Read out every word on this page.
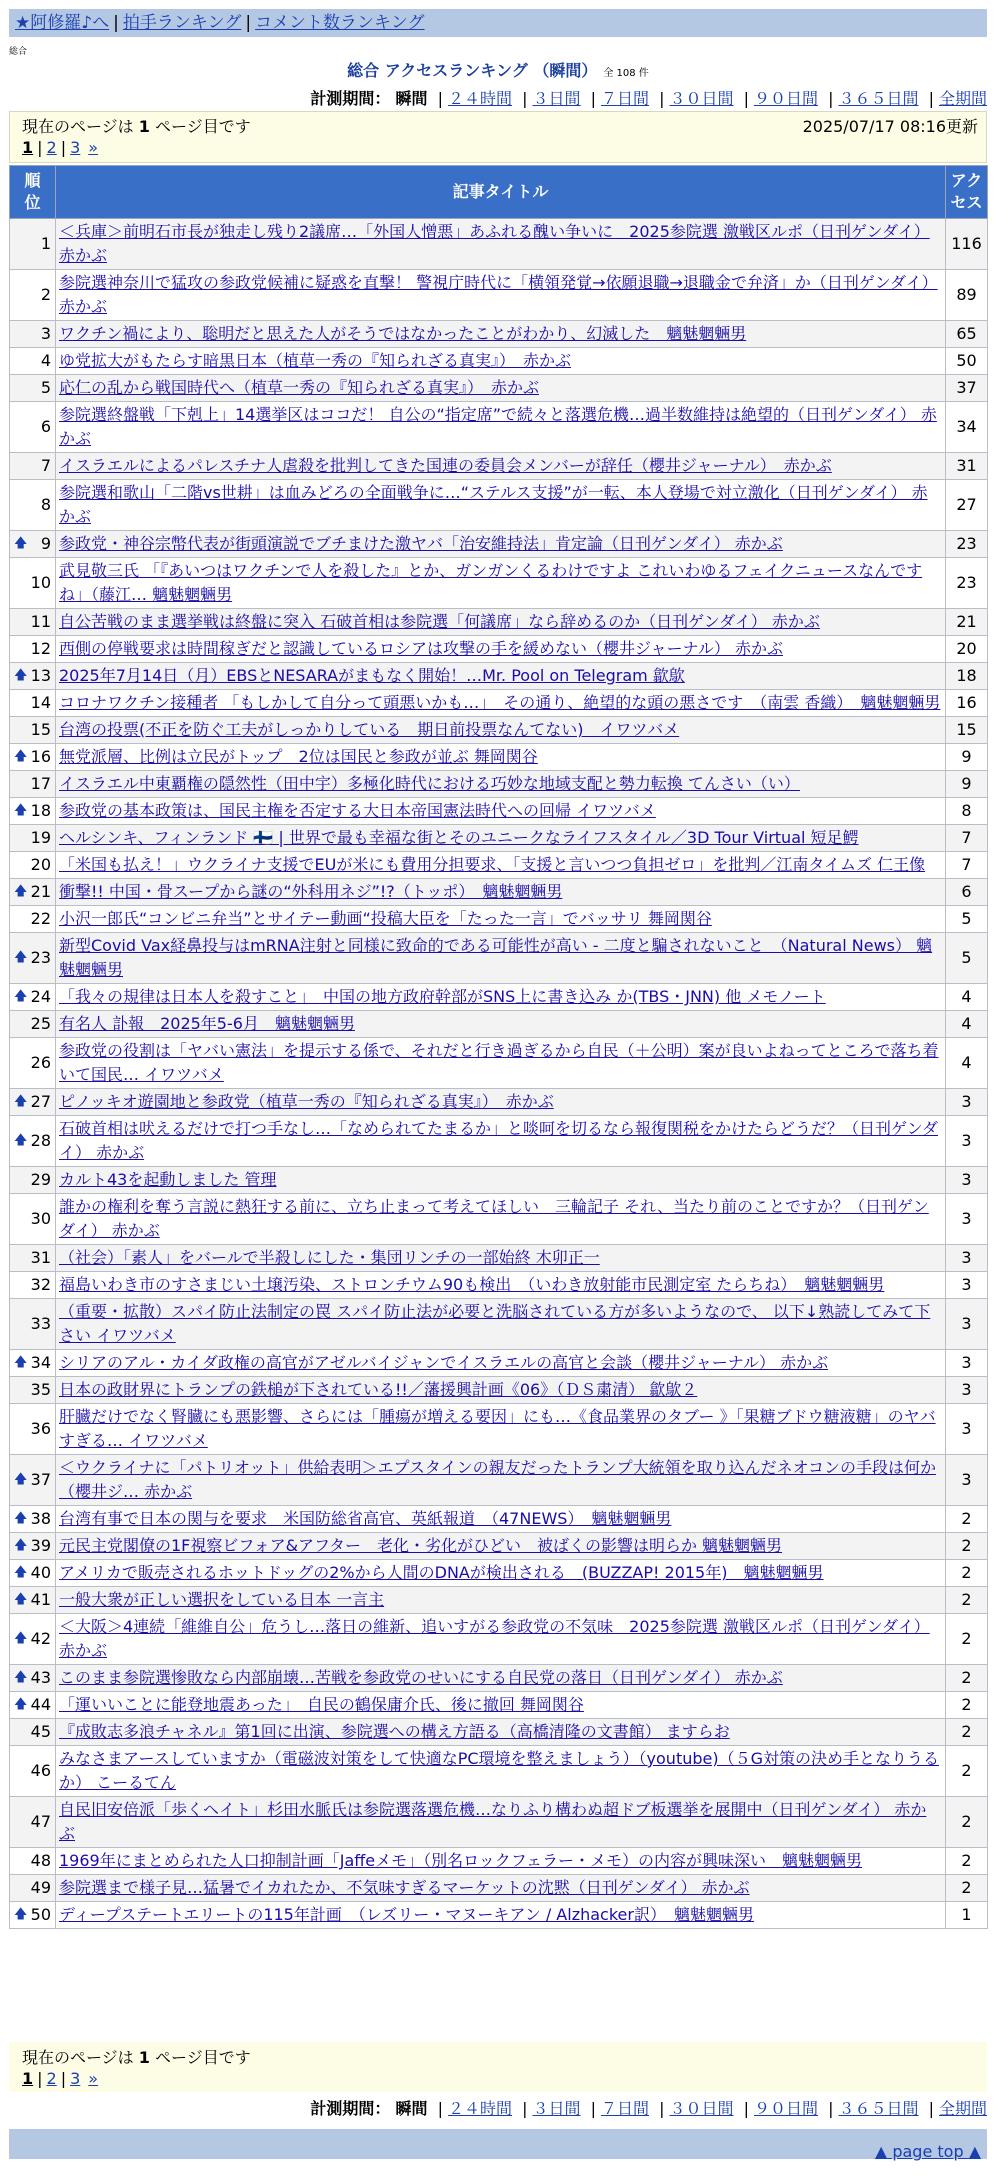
★阿修羅♪へ | 拍手ランキング | コメント数ランキング
総合
総合 アクセスランキング （瞬間） 全 108 件
計測期間： 瞬間 | ２４時間 | ３日間 | ７日間 | ３０日間 | ９０日間 | ３６５日間 | 全期間
現在のページは 1 ページ目です	2025/07/17 08:16更新
1 | 2 | 3 »
順位	記事タイトル	アクセス
1	＜兵庫＞前明石市長が独走し残り2議席…「外国人憎悪」あふれる醜い争いに　2025参院選 激戦区ルポ（日刊ゲンダイ） 赤かぶ	116
2	参院選神奈川で猛攻の参政党候補に疑惑を直撃！ 警視庁時代に「横領発覚→依願退職→退職金で弁済」か（日刊ゲンダイ） 赤かぶ	89
3	ワクチン禍により、聡明だと思えた人がそうではなかったことがわかり、幻滅した　魑魅魍魎男	65
4	ゆ党拡大がもたらす暗黒日本（植草一秀の『知られざる真実』）　赤かぶ	50
5	応仁の乱から戦国時代へ（植草一秀の『知られざる真実』）　赤かぶ	37
6	参院選終盤戦「下剋上」14選挙区はココだ！ 自公の“指定席”で続々と落選危機…過半数維持は絶望的（日刊ゲンダイ） 赤かぶ	34
7	イスラエルによるパレスチナ人虐殺を批判してきた国連の委員会メンバーが辞任（櫻井ジャーナル）　赤かぶ	31
8	参院選和歌山「二階vs世耕」は血みどろの全面戦争に…“ステルス支援”が一転、本人登場で対立激化（日刊ゲンダイ） 赤かぶ	27

🡅 9	参政党・神谷宗幣代表が街頭演説でブチまけた激ヤバ「治安維持法」肯定論（日刊ゲンダイ） 赤かぶ	23
10	武見敬三氏 「『あいつはワクチンで人を殺した』とか、ガンガンくるわけですよ これいわゆるフェイクニュースなんですね」（藤江… 魑魅魍魎男	23
11	自公苦戦のまま選挙戦は終盤に突入 石破首相は参院選「何議席」なら辞めるのか（日刊ゲンダイ） 赤かぶ	21
12	西側の停戦要求は時間稼ぎだと認識しているロシアは攻撃の手を緩めない（櫻井ジャーナル） 赤かぶ	20

🡅 13	2025年7月14日（月）EBSとNESARAがまもなく開始！…Mr. Pool on Telegram 歙歍	18
14	コロナワクチン接種者 「もしかして自分って頭悪いかも…」　その通り、絶望的な頭の悪さです　（南雲 香織）　魑魅魍魎男	16
15	台湾の投票(不正を防ぐ工夫がしっかりしている　期日前投票なんてない)　イワツバメ	15

🡅 16	無党派層、比例は立民がトップ　2位は国民と参政が並ぶ 舞岡関谷	9
17	イスラエル中東覇権の隠然性（田中宇）多極化時代における巧妙な地域支配と勢力転換 てんさい（い）	9

🡅 18	参政党の基本政策は、国民主権を否定する大日本帝国憲法時代への回帰 イワツバメ	8
19	ヘルシンキ、フィンランド 🇫🇮 | 世界で最も幸福な街とそのユニークなライフスタイル／3D Tour Virtual 短足鰐	7
20	「米国も払え！」ウクライナ支援でEUが米にも費用分担要求、「支援と言いつつ負担ゼロ」を批判／江南タイムズ 仁王像	7

🡅 21	衝撃!! 中国・骨スープから謎の“外科用ネジ”!?（トッポ）　魑魅魍魎男	6
22	小沢一郎氏“コンビニ弁当”とサイテー動画“投稿大臣を「たった一言」でバッサリ 舞岡関谷	5

🡅 23	新型Covid Vax経鼻投与はmRNA注射と同様に致命的である可能性が高い - 二度と騙されないこと　（Natural News） 魑魅魍魎男	5

🡅 24	「我々の規律は日本人を殺すこと」　中国の地方政府幹部がSNS上に書き込み か(TBS・JNN) 他 メモノート	4
25	有名人 訃報　2025年5-6月　魑魅魍魎男	4
26	参政党の役割は「ヤバい憲法」を提示する係で、それだと行き過ぎるから自民（＋公明）案が良いよねってところで落ち着いて国民… イワツバメ	4

🡅 27	ピノッキオ遊園地と参政党（植草一秀の『知られざる真実』）　赤かぶ	3

🡅 28	石破首相は吠えるだけで打つ手なし…「なめられてたまるか」と啖呵を切るなら報復関税をかけたらどうだ？（日刊ゲンダイ） 赤かぶ	3
29	カルト43を起動しました 管理	3
30	誰かの権利を奪う言説に熱狂する前に、立ち止まって考えてほしい　三輪記子 それ、当たり前のことですか？（日刊ゲンダイ） 赤かぶ	3
31	（社会）「素人」をバールで半殺しにした・集団リンチの一部始終 木卯正一	3
32	福島いわき市のすさまじい土壌汚染、ストロンチウム90も検出　（いわき放射能市民測定室 たらちね）　魑魅魍魎男	3
33	（重要・拡散）スパイ防止法制定の罠 スパイ防止法が必要と洗脳されている方が多いようなので、 以下↓熟読してみて下さい イワツバメ	3

🡅 34	シリアのアル・カイダ政権の高官がアゼルバイジャンでイスラエルの高官と会談（櫻井ジャーナル） 赤かぶ	3
35	日本の政財界にトランプの鉄槌が下されている!!／藩援興計画《06》（ＤＳ粛清） 歙歍２	3
36	肝臓だけでなく腎臓にも悪影響、さらには「腫瘍が増える要因」にも…《食品業界のタブー 》「果糖ブドウ糖液糖」のヤバすぎる… イワツバメ	3

🡅 37	＜ウクライナに「パトリオット」供給表明＞エプスタインの親友だったトランプ大統領を取り込んだネオコンの手段は何か（櫻井ジ… 赤かぶ	3

🡅 38	台湾有事で日本の関与を要求　米国防総省高官、英紙報道　（47NEWS）　魑魅魍魎男	2

🡅 39	元民主党閣僚の1F視察ビフォア&アフター　老化・劣化がひどい　被ばくの影響は明らか 魑魅魍魎男	2

🡅 40	アメリカで販売されるホットドッグの2%から人間のDNAが検出される　(BUZZAP! 2015年)　魑魅魍魎男	2

🡅 41	一般大衆が正しい選択をしている日本 一言主	2

🡅 42	＜大阪＞4連続「維維自公」危うし…落日の維新、追いすがる参政党の不気味　2025参院選 激戦区ルポ（日刊ゲンダイ） 赤かぶ	2

🡅 43	このまま参院選惨敗なら内部崩壊…苦戦を参政党のせいにする自民党の落日（日刊ゲンダイ） 赤かぶ	2

🡅 44	「運いいことに能登地震あった」　自民の鶴保庸介氏、後に撤回 舞岡関谷	2
45	『成敗志多浪チャネル』第1回に出演、参院選への構え方語る（高橋清隆の文書館） ますらお	2
46	みなさまアースしていますか（電磁波対策をして快適なPC環境を整えましょう）（youtube)（５G対策の決め手となりうるか） こーるてん	2
47	自民旧安倍派「歩くヘイト」杉田水脈氏は参院選落選危機…なりふり構わぬ超ドブ板選挙を展開中（日刊ゲンダイ） 赤かぶ	2
48	1969年にまとめられた人口抑制計画「Jaffeメモ」（別名ロックフェラー・メモ）の内容が興味深い　魑魅魍魎男	2
49	参院選まで様子見…猛暑でイカれたか、不気味すぎるマーケットの沈黙（日刊ゲンダイ） 赤かぶ	2

🡅 50	ディープステートエリートの115年計画　（レズリー・マヌーキアン / Alzhacker訳）　魑魅魍魎男	1
現在のページは 1 ページ目です
1 | 2 | 3 »
計測期間： 瞬間 | ２４時間 | ３日間 | ７日間 | ３０日間 | ９０日間 | ３６５日間 | 全期間
▲ page top ▲
